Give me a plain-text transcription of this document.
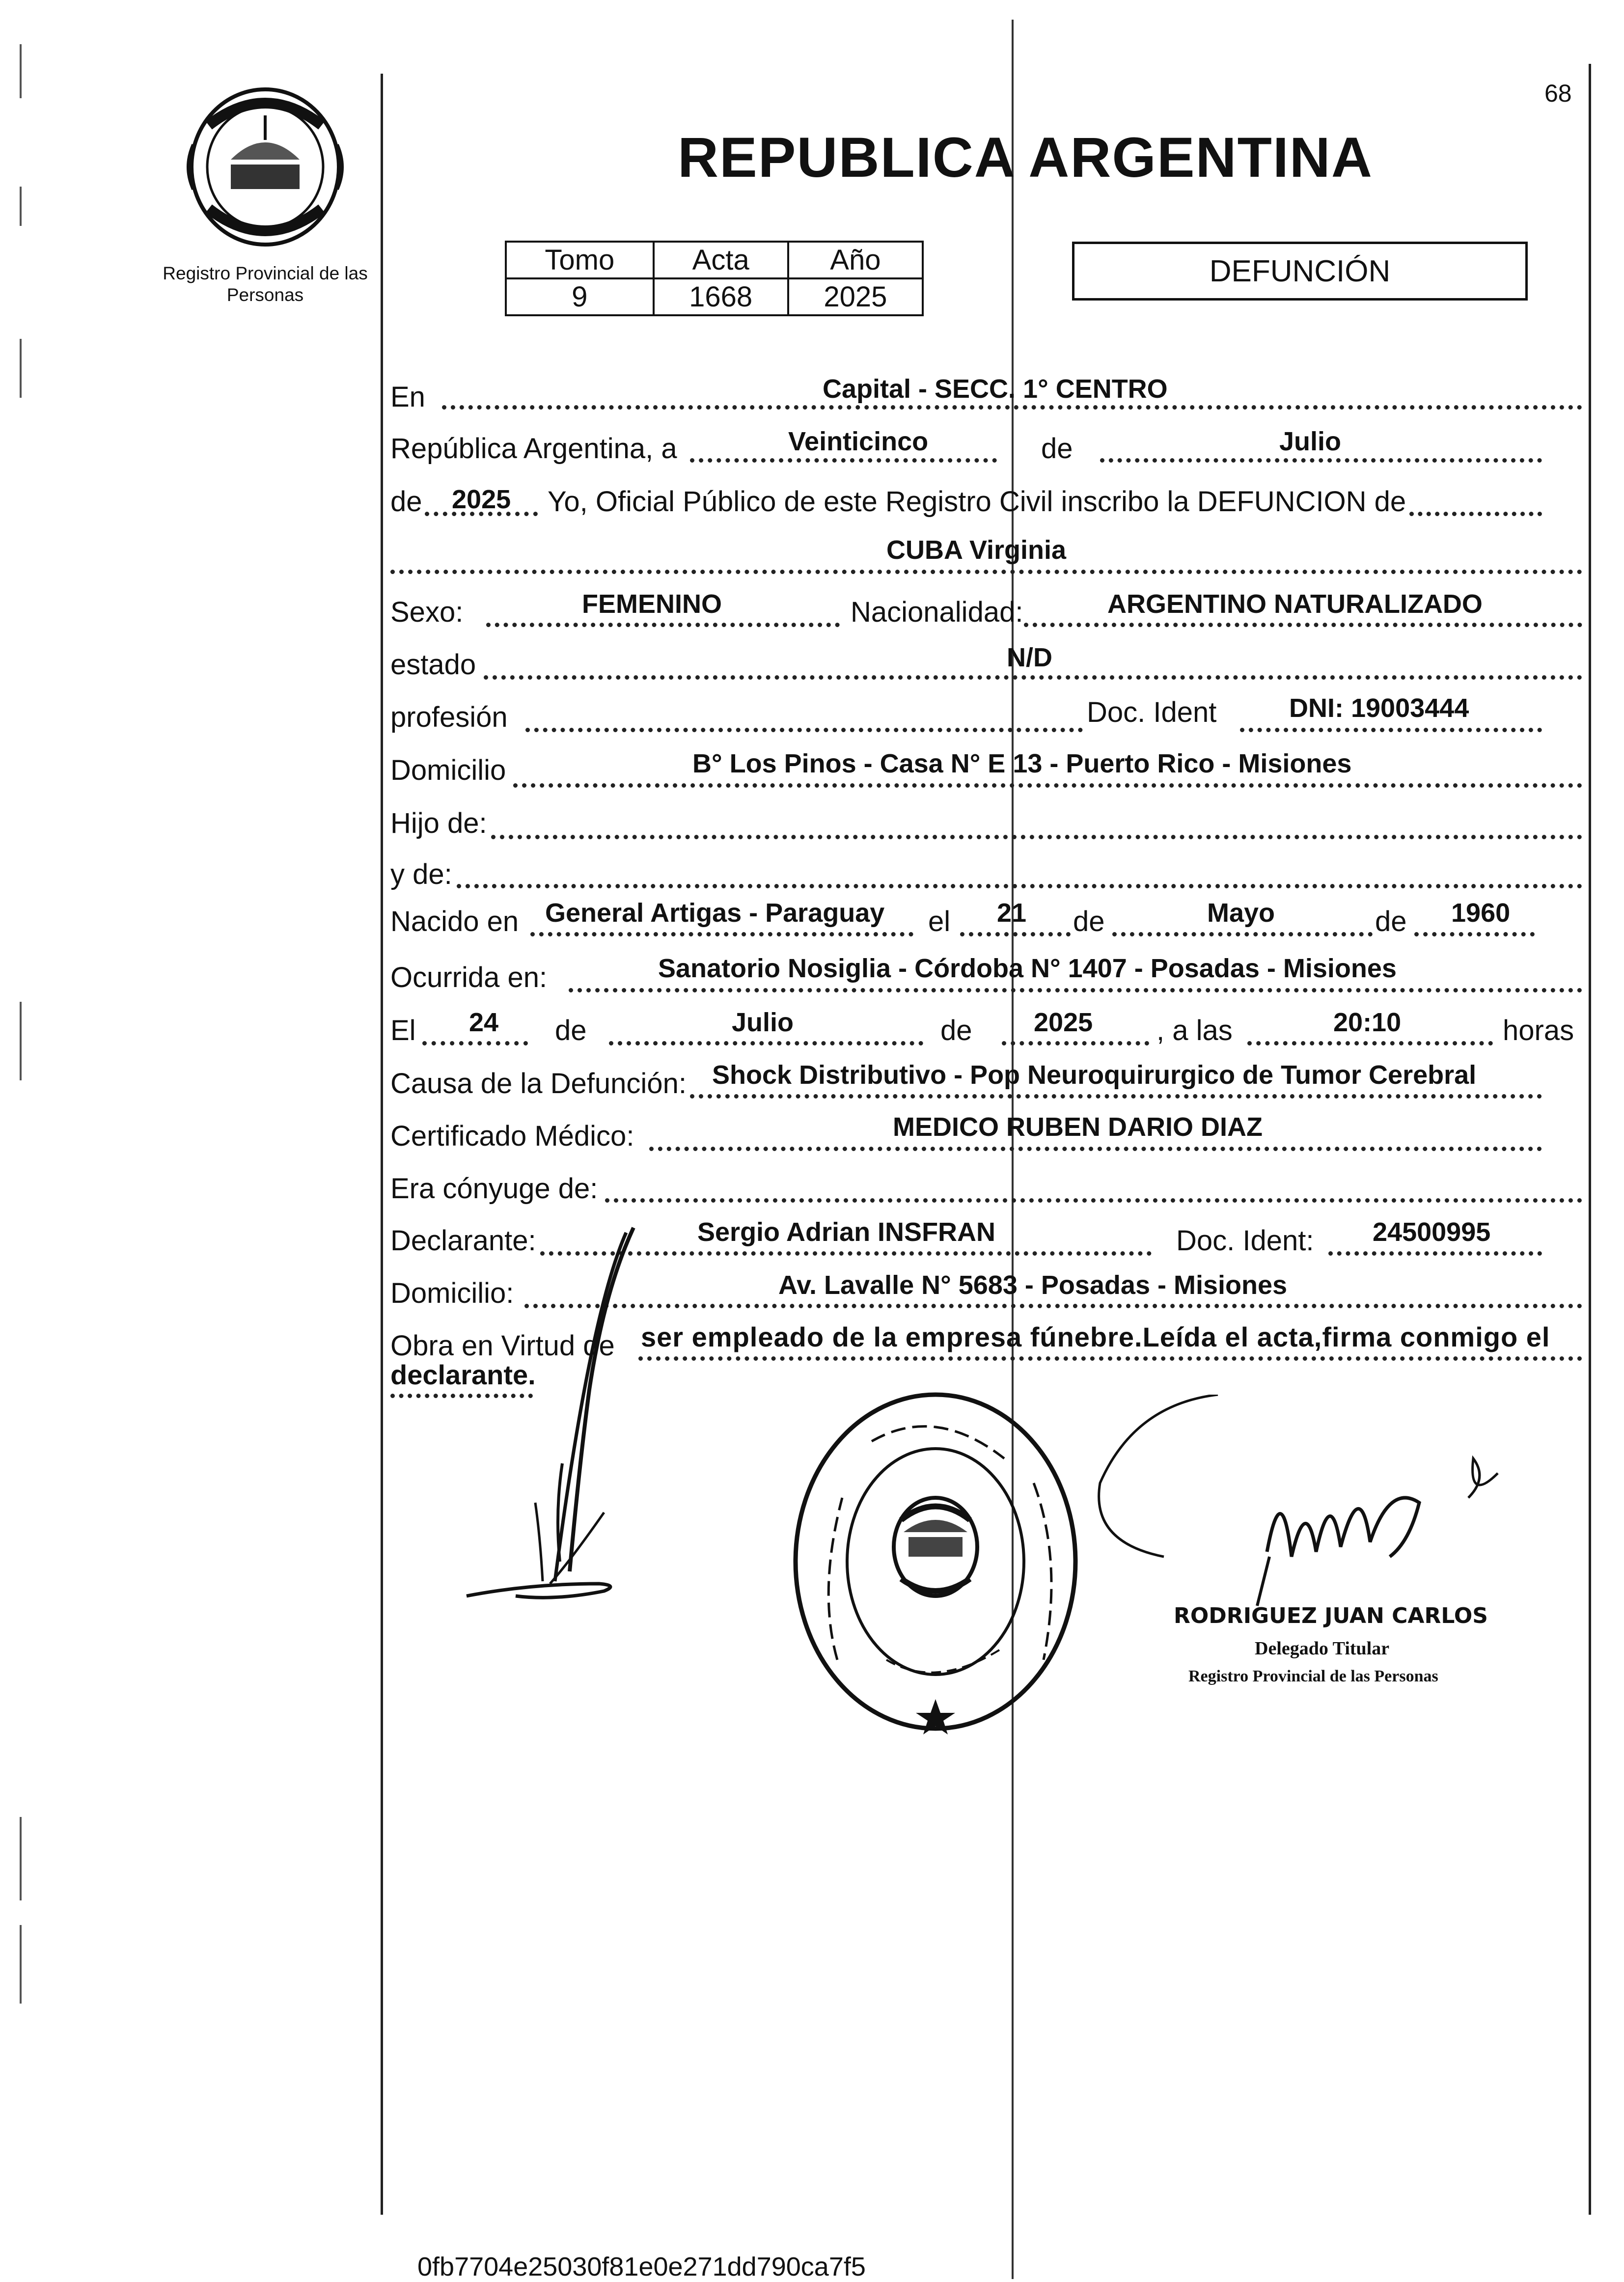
68
Registro Provincial de las Personas
REPUBLICA ARGENTINA
Tomo	Acta	Año
9	1668	2025
DEFUNCIÓN
En	Capital - SECC. 1° CENTRO
República Argentina, a	Veinticinco	de	Julio
de 2025 Yo, Oficial Público de este Registro Civil inscribo la DEFUNCION de
CUBA Virginia
Sexo:	FEMENINO	Nacionalidad:	ARGENTINO NATURALIZADO
estado	N/D
profesión	Doc. Ident	DNI: 19003444
Domicilio	B° Los Pinos - Casa N° E 13 - Puerto Rico - Misiones
Hijo de:
y de:
Nacido en General Artigas - Paraguay el 21 de	Mayo	de 1960
Ocurrida en:	Sanatorio Nosiglia - Córdoba N° 1407 - Posadas - Misiones
El 24 de	Julio	de 2025 , a las	20:10	horas
Causa de la Defunción: Shock Distributivo - Pop Neuroquirurgico de Tumor Cerebral
Certificado Médico:	MEDICO RUBEN DARIO DIAZ
Era cónyuge de:
Declarante:	Sergio Adrian INSFRAN	Doc. Ident: 24500995
Domicilio:	Av. Lavalle N° 5683 - Posadas - Misiones
Obra en Virtud de ser empleado de la empresa fúnebre.Leída el acta,firma conmigo el
declarante.
DELEGACION DEL REGISTRO DE LAS PERSONAS
DEFUNCION DIGITAL
PROVINCIA DE
MISIONES
PROVINCIA DE
MISIONES
RODRIGUEZ JUAN CARLOS
Delegado Titular
Registro Provincial de las Personas
0fb7704e25030f81e0e271dd790ca7f5
